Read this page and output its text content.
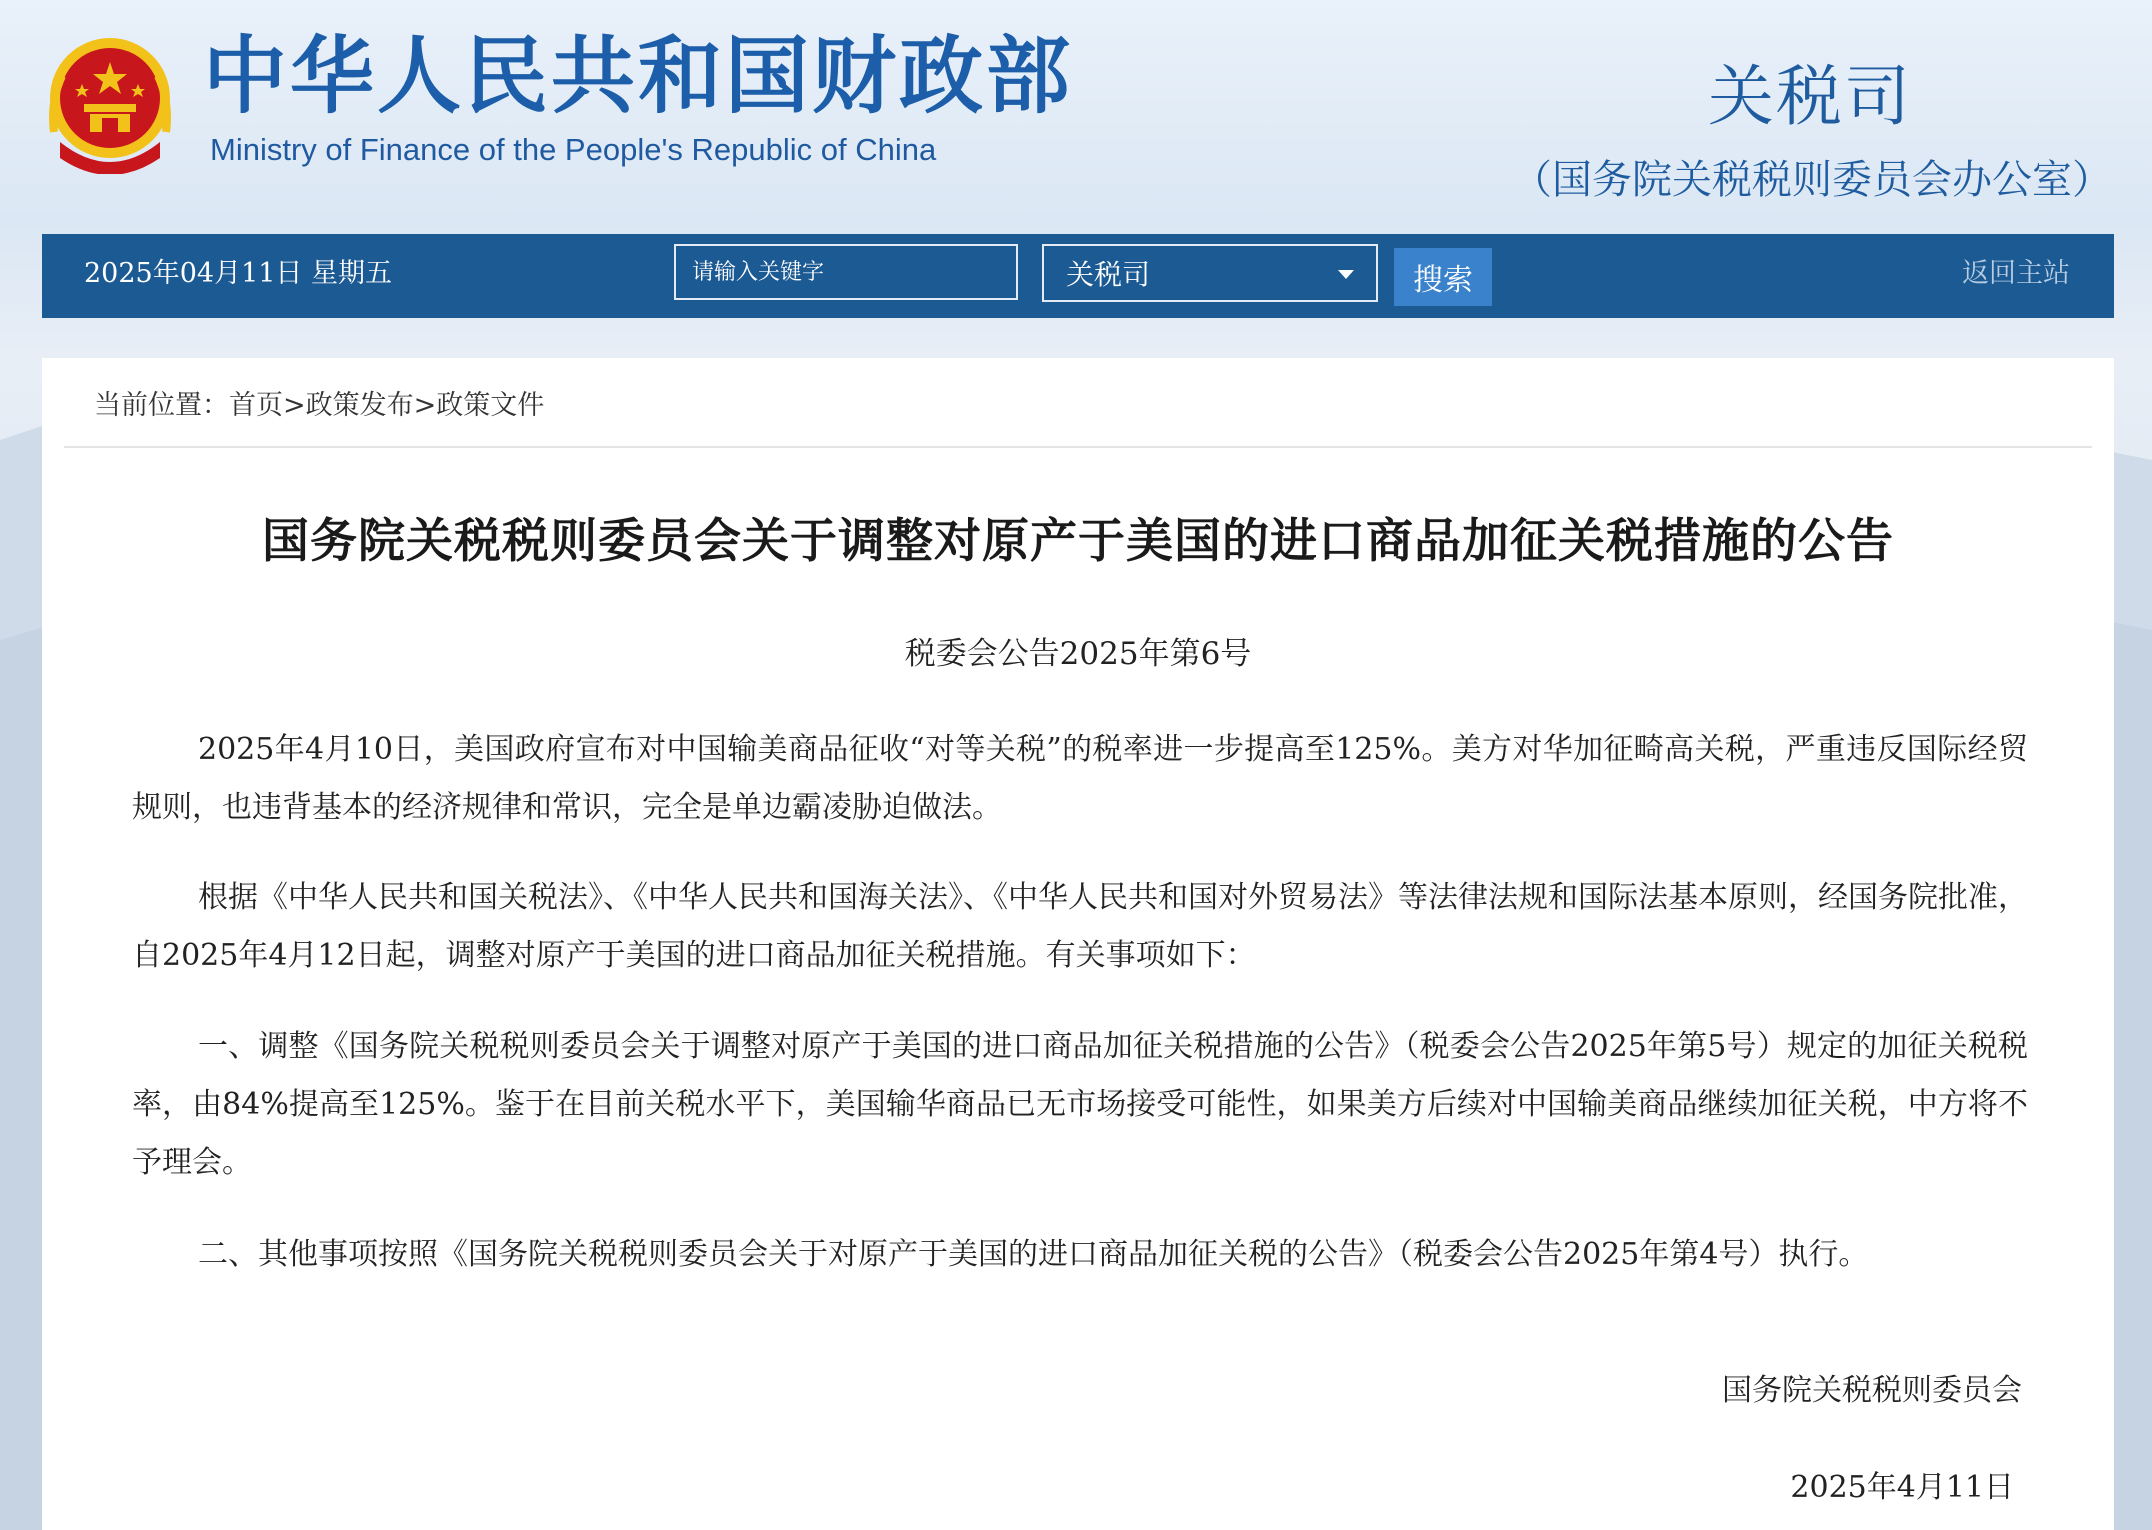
中华人民共和国财政部
Ministry of Finance of the People's Republic of China
关税司
（国务院关税税则委员会办公室）
2025年04月11日 星期五
请输入关键字	关税司	搜索	返回主站
当前位置：首页>政策发布>政策文件
国务院关税税则委员会关于调整对原产于美国的进口商品加征关税措施的公告
税委会公告2025年第6号

2025年4月10日，美国政府宣布对中国输美商品征收“对等关税”的税率进一步提高至125%。美方对华加征畸高关税，严重违反国际经贸规则，也违背基本的经济规律和常识，完全是单边霸凌胁迫做法。

根据《中华人民共和国关税法》、《中华人民共和国海关法》、《中华人民共和国对外贸易法》等法律法规和国际法基本原则，经国务院批准，自2025年4月12日起，调整对原产于美国的进口商品加征关税措施。有关事项如下：

一、调整《国务院关税税则委员会关于调整对原产于美国的进口商品加征关税措施的公告》（税委会公告2025年第5号）规定的加征关税税率，由84%提高至125%。鉴于在目前关税水平下，美国输华商品已无市场接受可能性，如果美方后续对中国输美商品继续加征关税，中方将不予理会。

二、其他事项按照《国务院关税税则委员会关于对原产于美国的进口商品加征关税的公告》（税委会公告2025年第4号）执行。

国务院关税税则委员会
2025年4月11日
